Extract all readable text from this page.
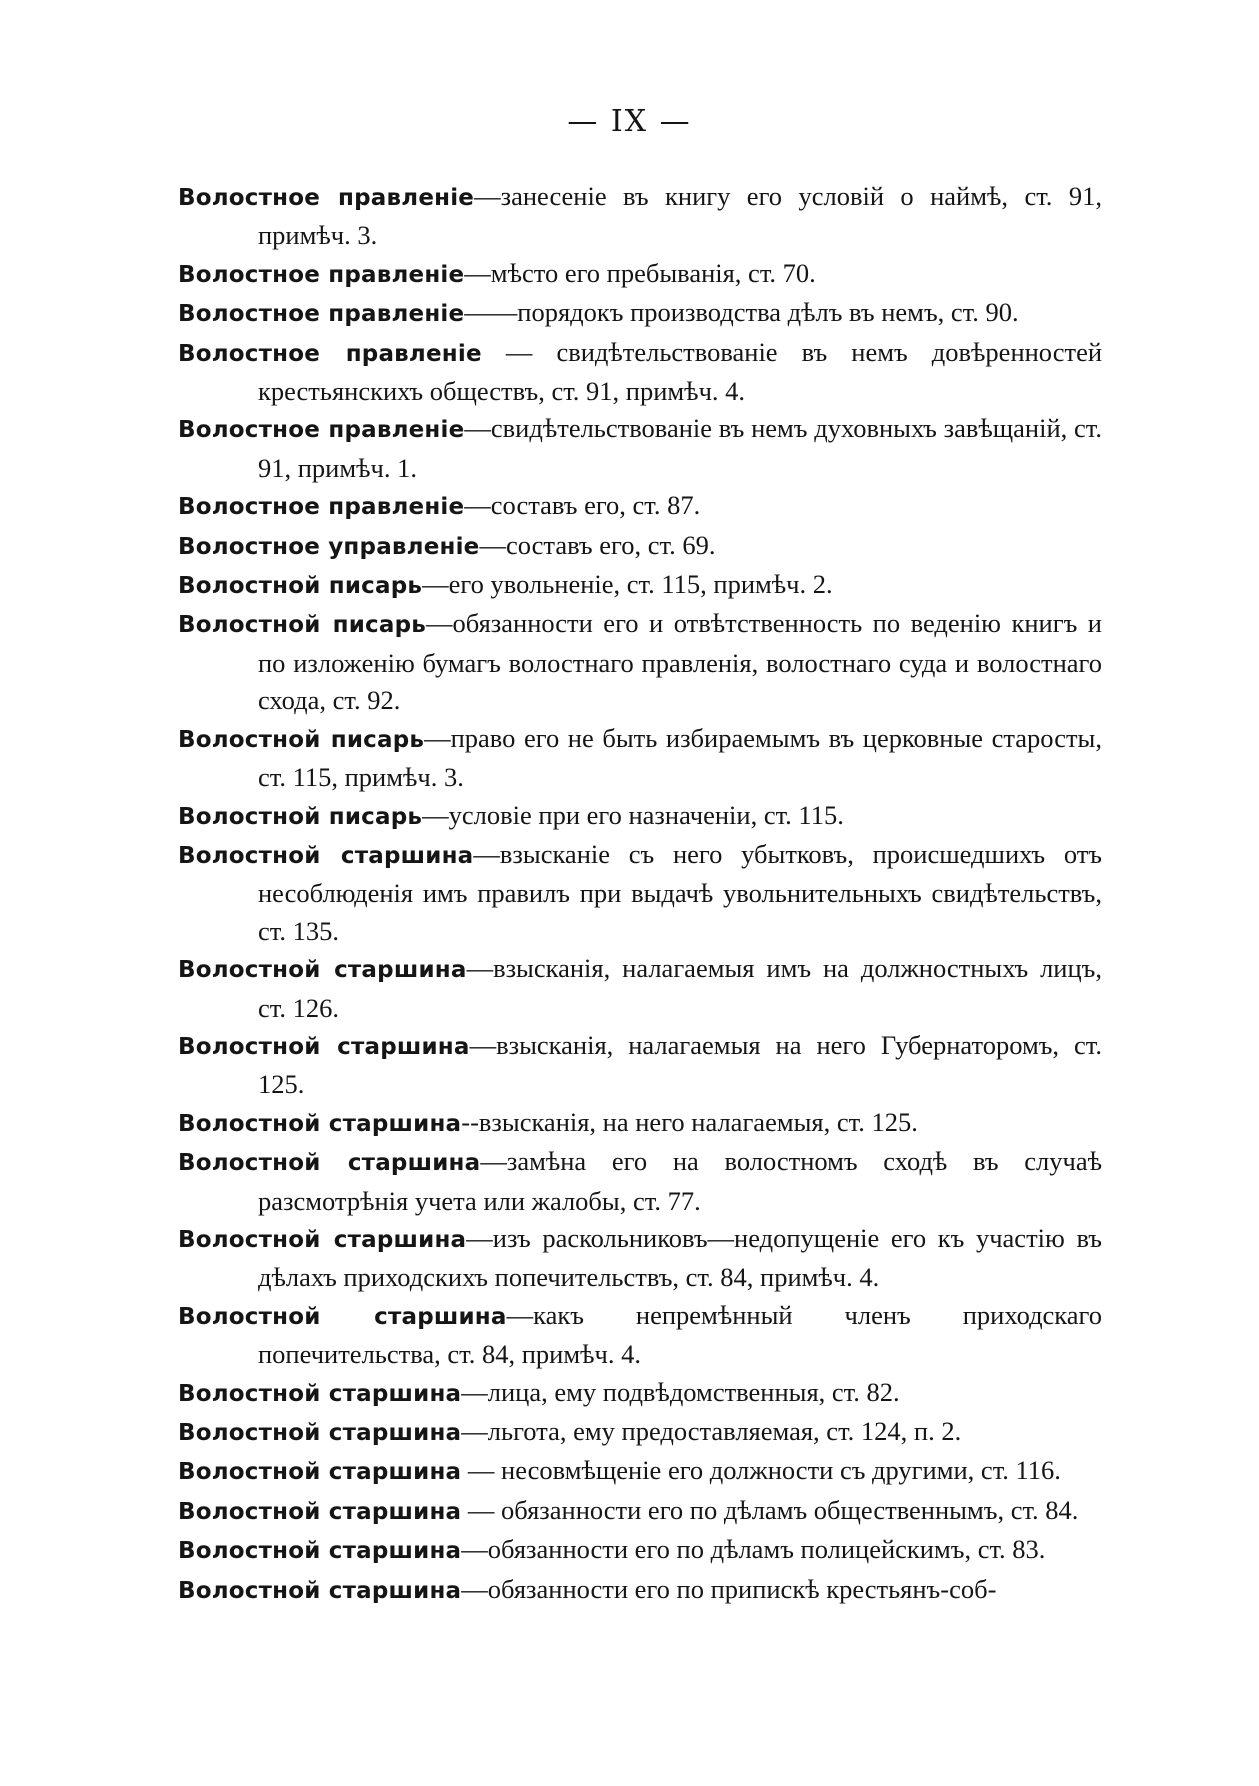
— IX —
Волостное правленіе—занесеніе въ книгу его условій о наймѣ, ст. 91, примѣч. 3.
Волостное правленіе—мѣсто его пребыванія, ст. 70.
Волостное правленіе——порядокъ производства дѣлъ въ немъ, ст. 90.
Волостное правленіе — свидѣтельствованіе въ немъ довѣренностей крестьянскихъ обществъ, ст. 91, примѣч. 4.
Волостное правленіе—свидѣтельствованіе въ немъ духовныхъ завѣщаній, ст. 91, примѣч. 1.
Волостное правленіе—составъ его, ст. 87.
Волостное управленіе—составъ его, ст. 69.
Волостной писарь—его увольненіе, ст. 115, примѣч. 2.
Волостной писарь—обязанности его и отвѣтственность по веденію книгъ и по изложенію бумагъ волостнаго правленія, волостнаго суда и волостнаго схода, ст. 92.
Волостной писарь—право его не быть избираемымъ въ церковные старосты, ст. 115, примѣч. 3.
Волостной писарь—условіе при его назначеніи, ст. 115.
Волостной старшина—взысканіе съ него убытковъ, происшедшихъ отъ несоблюденія имъ правилъ при выдачѣ увольнительныхъ свидѣтельствъ, ст. 135.
Волостной старшина—взысканія, налагаемыя имъ на должностныхъ лицъ, ст. 126.
Волостной старшина—взысканія, налагаемыя на него Губернаторомъ, ст. 125.
Волостной старшина--взысканія, на него налагаемыя, ст. 125.
Волостной старшина—замѣна его на волостномъ сходѣ въ случаѣ разсмотрѣнія учета или жалобы, ст. 77.
Волостной старшина—изъ раскольниковъ—недопущеніе его къ участію въ дѣлахъ приходскихъ попечительствъ, ст. 84, примѣч. 4.
Волостной старшина—какъ непремѣнный членъ приходскаго попечительства, ст. 84, примѣч. 4.
Волостной старшина—лица, ему подвѣдомственныя, ст. 82.
Волостной старшина—льгота, ему предоставляемая, ст. 124, п. 2.
Волостной старшина — несовмѣщеніе его должности съ другими, ст. 116.
Волостной старшина — обязанности его по дѣламъ общественнымъ, ст. 84.
Волостной старшина—обязанности его по дѣламъ полицейскимъ, ст. 83.
Волостной старшина—обязанности его по припискѣ крестьянъ-соб-
